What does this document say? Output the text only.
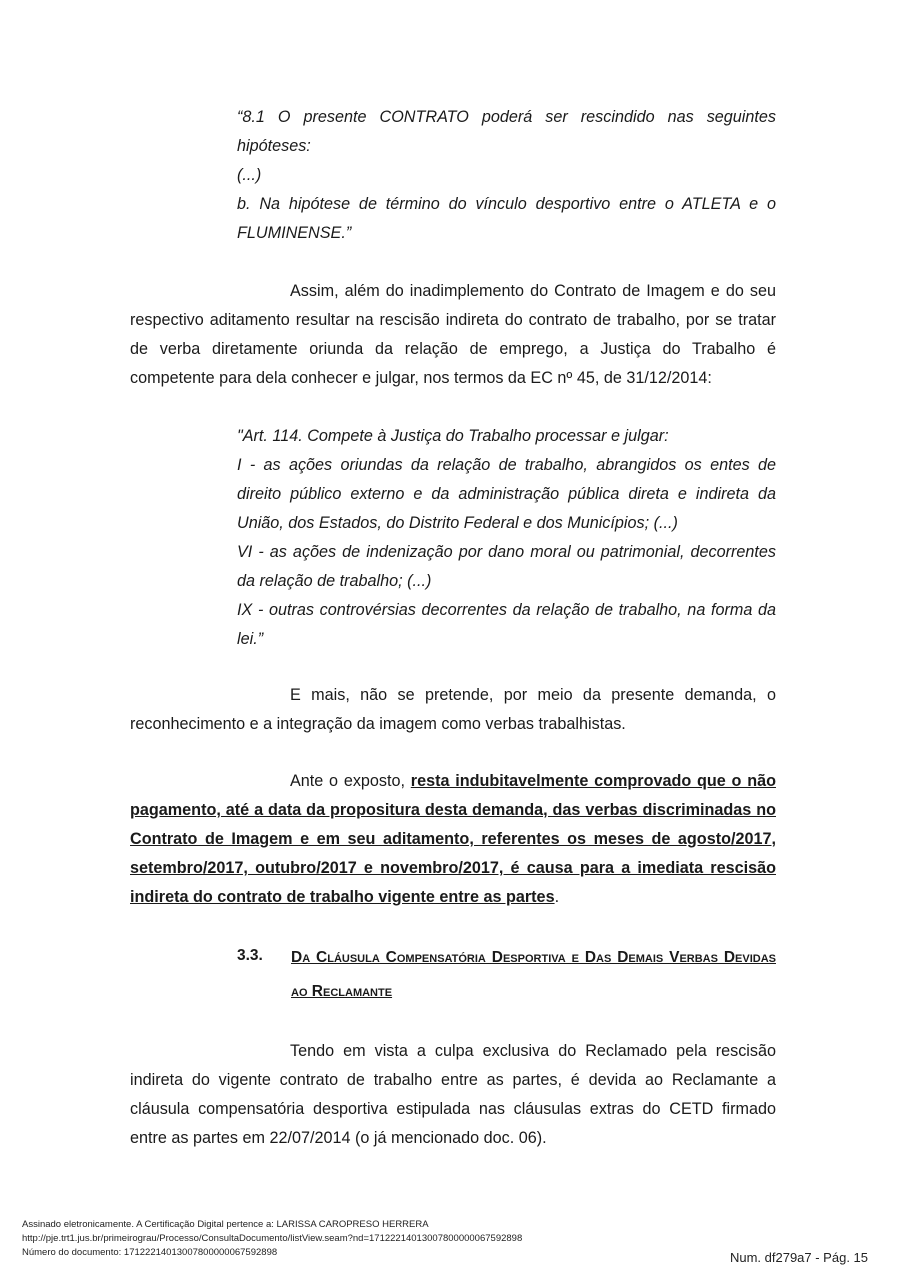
“8.1 O presente CONTRATO poderá ser rescindido nas seguintes hipóteses:

(...)

b. Na hipótese de término do vínculo desportivo entre o ATLETA e o FLUMINENSE.”

Assim, além do inadimplemento do Contrato de Imagem e do seu respectivo aditamento resultar na rescisão indireta do contrato de trabalho, por se tratar de verba diretamente oriunda da relação de emprego, a Justiça do Trabalho é competente para dela conhecer e julgar, nos termos da EC nº 45, de 31/12/2014:

"Art. 114. Compete à Justiça do Trabalho processar e julgar:

I - as ações oriundas da relação de trabalho, abrangidos os entes de direito público externo e da administração pública direta e indireta da União, dos Estados, do Distrito Federal e dos Municípios; (...)

VI - as ações de indenização por dano moral ou patrimonial, decorrentes da relação de trabalho; (...)

IX - outras controvérsias decorrentes da relação de trabalho, na forma da lei.”

E mais, não se pretende, por meio da presente demanda, o reconhecimento e a integração da imagem como verbas trabalhistas.

Ante o exposto, resta indubitavelmente comprovado que o não pagamento, até a data da propositura desta demanda, das verbas discriminadas no Contrato de Imagem e em seu aditamento, referentes os meses de agosto/2017, setembro/2017, outubro/2017 e novembro/2017, é causa para a imediata rescisão indireta do contrato de trabalho vigente entre as partes.

3.3. Da Cláusula Compensatória Desportiva e Das Demais Verbas Devidas ao Reclamante

Tendo em vista a culpa exclusiva do Reclamado pela rescisão indireta do vigente contrato de trabalho entre as partes, é devida ao Reclamante a cláusula compensatória desportiva estipulada nas cláusulas extras do CETD firmado entre as partes em 22/07/2014 (o já mencionado doc. 06).

Assinado eletronicamente. A Certificação Digital pertence a: LARISSA CAROPRESO HERRERA
http://pje.trt1.jus.br/primeirograu/Processo/ConsultaDocumento/listView.seam?nd=17122214013007800000067592898
Número do documento: 17122214013007800000067592898	Num. df279a7 - Pág. 15
